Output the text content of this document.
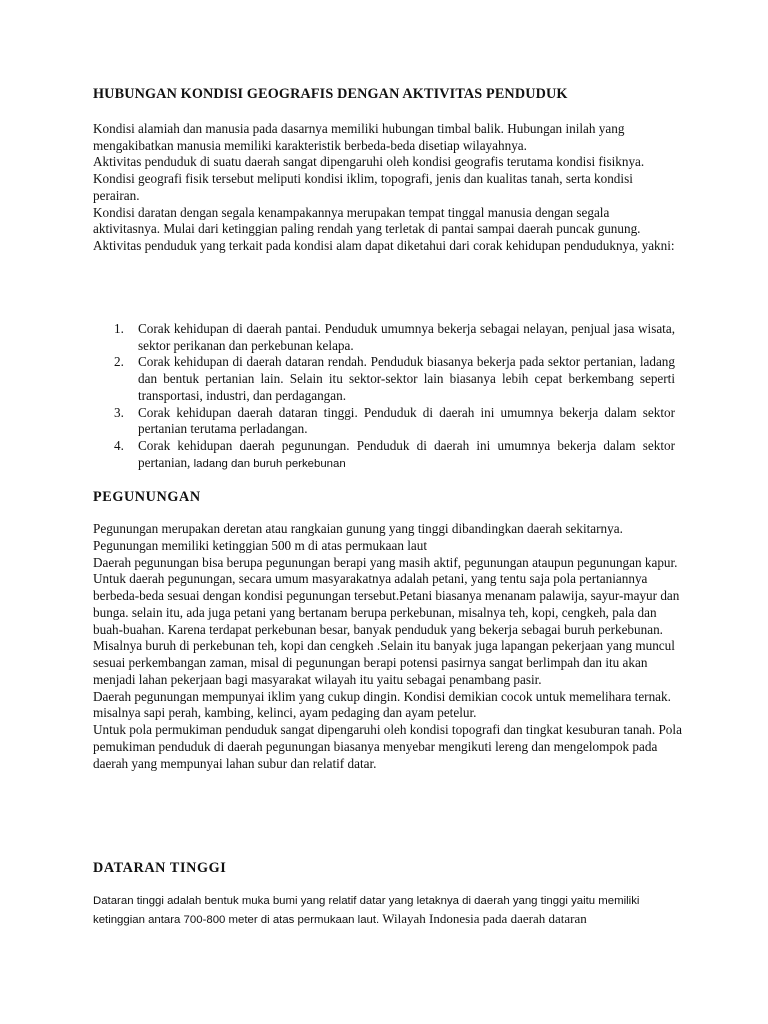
HUBUNGAN KONDISI GEOGRAFIS DENGAN AKTIVITAS PENDUDUK

Kondisi alamiah dan manusia pada dasarnya memiliki hubungan timbal balik. Hubungan inilah yang mengakibatkan manusia memiliki karakteristik berbeda-beda disetiap wilayahnya.

Aktivitas penduduk di suatu daerah sangat dipengaruhi oleh kondisi geografis terutama kondisi fisiknya. Kondisi geografi fisik tersebut meliputi kondisi iklim, topografi, jenis dan kualitas tanah, serta kondisi perairan.

Kondisi daratan dengan segala kenampakannya merupakan tempat tinggal manusia dengan segala aktivitasnya. Mulai dari ketinggian paling rendah yang terletak di pantai sampai daerah puncak gunung.

Aktivitas penduduk yang terkait pada kondisi alam dapat diketahui dari corak kehidupan penduduknya, yakni:

1. Corak kehidupan di daerah pantai. Penduduk umumnya bekerja sebagai nelayan, penjual jasa wisata, sektor perikanan dan perkebunan kelapa.
2. Corak kehidupan di daerah dataran rendah. Penduduk biasanya bekerja pada sektor pertanian, ladang dan bentuk pertanian lain. Selain itu sektor-sektor lain biasanya lebih cepat berkembang seperti transportasi, industri, dan perdagangan.
3. Corak kehidupan daerah dataran tinggi. Penduduk di daerah ini umumnya bekerja dalam sektor pertanian terutama perladangan.
4. Corak kehidupan daerah pegunungan. Penduduk di daerah ini umumnya bekerja dalam sektor pertanian, ladang dan buruh perkebunan
PEGUNUNGAN

Pegunungan merupakan deretan atau rangkaian gunung yang tinggi dibandingkan daerah sekitarnya. Pegunungan memiliki ketinggian 500 m di atas permukaan laut

Daerah pegunungan bisa berupa pegunungan berapi yang masih aktif, pegunungan ataupun pegunungan kapur. Untuk daerah pegunungan, secara umum masyarakatnya adalah petani, yang tentu saja pola pertaniannya berbeda-beda sesuai dengan kondisi pegunungan tersebut.Petani biasanya menanam palawija, sayur-mayur dan bunga. selain itu, ada juga petani yang bertanam berupa perkebunan, misalnya teh, kopi, cengkeh, pala dan buah-buahan. Karena terdapat perkebunan besar, banyak penduduk yang bekerja sebagai buruh perkebunan. Misalnya buruh di perkebunan teh, kopi dan cengkeh .Selain itu banyak juga lapangan pekerjaan yang muncul sesuai perkembangan zaman, misal di pegunungan berapi potensi pasirnya sangat berlimpah dan itu akan menjadi lahan pekerjaan bagi masyarakat wilayah itu yaitu sebagai penambang pasir.

Daerah pegunungan mempunyai iklim yang cukup dingin. Kondisi demikian cocok untuk memelihara ternak. misalnya sapi perah, kambing, kelinci, ayam pedaging dan ayam petelur.

Untuk pola permukiman penduduk sangat dipengaruhi oleh kondisi topografi dan tingkat kesuburan tanah. Pola pemukiman penduduk di daerah pegunungan biasanya menyebar mengikuti lereng dan mengelompok pada daerah yang mempunyai lahan subur dan relatif datar.

DATARAN TINGGI

Dataran tinggi adalah bentuk muka bumi yang relatif datar yang letaknya di daerah yang tinggi yaitu memiliki ketinggian antara 700-800 meter di atas permukaan laut. Wilayah Indonesia pada daerah dataran
